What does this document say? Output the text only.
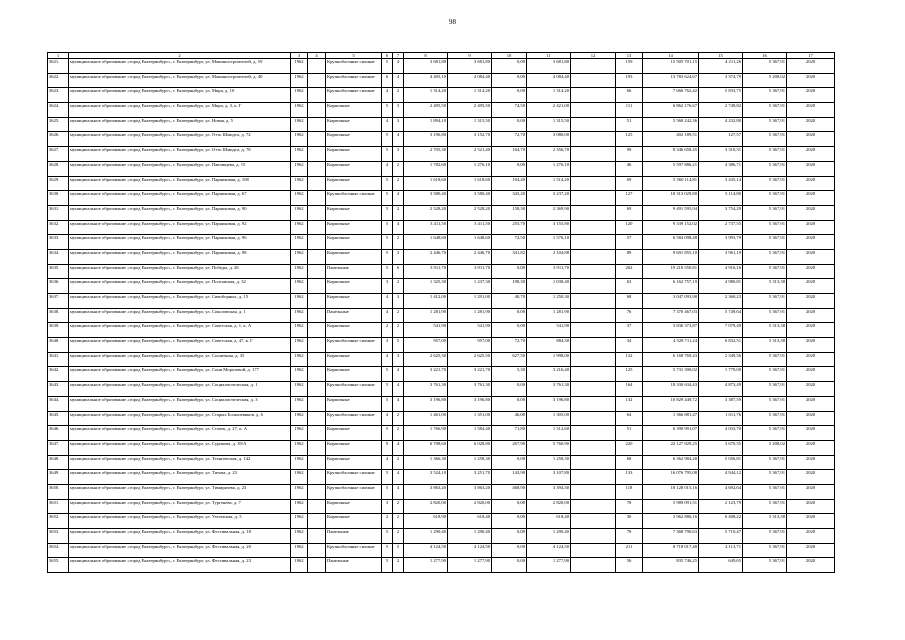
98
1	2	3	4	5	6	7	8	9	10	11	12	13	14	15	16	17
3621.	муниципальное образование «город Екатеринбург», г. Екатеринбург, ул. Машиностроителей, д. 59	1962		Крупноблочные силикат	5	4	3 681,80	3 681,80	0,00	3 681,80		159	15 505 701,15	4 211,26	5 367,91	2020
3622.	муниципальное образование «город Екатеринбург», г. Екатеринбург, ул. Машиностроителей, д. 40	1962		Крупноблочные силикат	6	4	4 405,10	4 084,40	0,00	4 084,40		193	13 783 624,67	3 374,79	5 208,02	2020
3623.	муниципальное образование «город Екатеринбург», г. Екатеринбург, ул. Мира, д. 10	1962		Крупноблочные силикат	4	2	1 314,20	1 314,20	0,00	1 314,20		66	7 666 762,42	5 833,75	5 367,91	2020
3624.	муниципальное образование «город Екатеринбург», г. Екатеринбург, ул. Мира, д. 3, к. Г	1962		Кирпичные	5	3	2 495,50	2 495,50	74,50	2 421,00		111	6 862 176,67	2 749,82	5 367,91	2020
3625.	муниципальное образование «город Екатеринбург», г. Екатеринбург, ул. Новая, д. 5	1962		Кирпичные	4	3	1 894,10	1 315,50	0,00	1 315,50		51	5 568 242,36	4 232,80	5 367,91	2020
3626.	муниципальное образование «город Екатеринбург», г. Екатеринбург, ул. Отто Шмидта, д. 72	1962		Кирпичные	5	4	3 196,80	3 152,70	72,70	3 080,00		125	402 189,51	127,57	5 367,91	2020
3627.	муниципальное образование «город Екатеринбург», г. Екатеринбург, ул. Отто Шмидта, д. 78	1962		Кирпичные	5	3	2 705,30	2 521,40	164,70	2 356,70		99	8 346 658,45	3 310,31	5 367,91	2020
3628.	муниципальное образование «город Екатеринбург», г. Екатеринбург, ул. Павлищева, д. 15	1962		Кирпичные	4	2	1 782,60	1 276,10	0,00	1 276,10		46	5 597 886,21	4 386,71	5 367,91	2020
3629.	муниципальное образование «город Екатеринбург», г. Екатеринбург, ул. Парниковая, д. 108	1962		Кирпичные	5	2	1 618,60	1 618,60	104,40	1 514,20		69	5 560 114,81	3 435,14	5 367,91	2020
3630.	муниципальное образование «город Екатеринбург», г. Екатеринбург, ул. Парниковая, д. 67	1962		Крупноблочные силикат	5	4	3 580,40	3 580,40	343,20	3 237,20		127	18 313 029,80	5 114,80	5 367,91	2020
3631.	муниципальное образование «город Екатеринбург», г. Екатеринбург, ул. Парниковая, д. 90	1962		Кирпичные	5	2	2 528,20	2 528,20	158,30	2 369,90		69	9 491 595,94	3 754,29	5 367,91	2020
3632.	муниципальное образование «город Екатеринбург», г. Екатеринбург, ул. Парниковая, д. 92	1962		Кирпичные	5	4	3 411,50	3 411,50	255,70	3 155,80		120	9 339 152,02	2 737,55	5 367,91	2020
3633.	муниципальное образование «город Екатеринбург», г. Екатеринбург, ул. Парниковая, д. 96	1962		Кирпичные	5	2	1 648,60	1 648,60	72,50	1 576,10		57	6 584 098,48	3 993,79	5 367,91	2020
3634.	муниципальное образование «город Екатеринбург», г. Екатеринбург, ул. Парниковая, д. 98	1962		Кирпичные	5	3	2 446,70	2 446,70	341,82	2 104,88		89	9 691 855,10	3 961,19	5 367,91	2020
3635.	муниципальное образование «город Екатеринбург», г. Екатеринбург, ул. Победы, д. 26	1962		Панельные	5	6	3 911,70	3 911,70	0,00	3 911,70		202	19 210 550,81	4 916,16	5 367,91	2020
3636.	муниципальное образование «город Екатеринбург», г. Екатеринбург, ул. Полтавская, д. 32	1962		Кирпичные	3	2	1 325,30	1 237,30	198,30	1 038,40		63	6 162 757,19	4 980,81	5 313,38	2020
3637.	муниципальное образование «город Екатеринбург», г. Екатеринбург, ул. Сивоборных, д. 15	1962		Кирпичные	4	3	1 412,00	1 291,00	40,70	1 250,30		68	3 047 093,98	2 360,23	5 367,91	2020
3638.	муниципальное образование «город Екатеринбург», г. Екатеринбург, ул. Соколовская, д. 1	1962		Панельные	4	2	1 281,90	1 281,90	0,00	1 281,90		76	7 370 467,03	5 749,64	5 367,91	2020
3639.	муниципальное образование «город Екатеринбург», г. Екатеринбург, ул. Советская, д. 1, к. А	1962		Кирпичные	2	2	541,90	541,90	0,00	541,90		37	3 836 373,87	7 079,49	5 313,38	2020
3640.	муниципальное образование «город Екатеринбург», г. Екатеринбург, ул. Советская, д. 47, к. Г	1962		Крупноблочные силикат	3	5	957,00	957,00	72,70	884,30		34	4 528 711,24	6 832,51	5 313,38	2020
3641.	муниципальное образование «город Екатеринбург», г. Екатеринбург, ул. Солнечная, д. 35	1962		Кирпичные	4	3	2 625,30	2 625,50	627,50	1 998,00		132	6 168 769,43	2 349,56	5 367,91	2020
3642.	муниципальное образование «город Екатеринбург», г. Екатеринбург, ул. Сони Морозовой, д. 177	1962		Кирпичные	5	4	3 221,70	3 221,70	5,30	3 216,40		125	5 731 390,02	1 779,00	5 367,91	2020
3643.	муниципальное образование «город Екатеринбург», г. Екатеринбург, ул. Социалистическая, д. 1	1962		Крупноблочные силикат	5	4	3 761,30	3 761,30	0,00	3 761,30		164	18 330 634,43	4 873,49	5 367,91	2020
3644.	муниципальное образование «город Екатеринбург», г. Екатеринбург, ул. Социалистическая, д. 3	1962		Кирпичные	5	4	3 196,80	3 196,80	0,00	3 196,80		132	10 829 449,72	3 387,59	5 367,91	2020
3645.	муниципальное образование «город Екатеринбург», г. Екатеринбург, ул. Старых Большевиков, д. 6	1962		Крупноблочные силикат	4	2	1 461,00	1 351,00	46,00	1 305,00		64	1 366 881,47	1 011,76	5 367,91	2020
3646.	муниципальное образование «город Екатеринбург», г. Екатеринбург, ул. Стачек, д. 27, к. А	1962		Кирпичные	5	2	1 766,90	1 584,40	71,80	1 512,60		51	6 390 991,07	4 033,70	5 367,91	2020
3647.	муниципальное образование «город Екатеринбург», г. Екатеринбург, ул. Сурикова, д. 39/А	1962		Кирпичные	9	4	6 708,60	6 028,80	267,90	5 760,90		220	22 127 829,25	3 670,35	5 208,02	2020
3648.	муниципальное образование «город Екатеринбург», г. Екатеринбург, ул. Техническая, д. 142	1962		Кирпичные	4	2	1 366,30	1 258,30	0,00	1 258,30		68	6 362 984,28	5 056,81	5 367,91	2020
3649.	муниципальное образование «город Екатеринбург», г. Екатеринбург, ул. Титова, д. 23	1962		Крупноблочные силикат	5	4	3 524,10	3 251,70	143,90	3 107,80		133	16 076 795,08	4 944,12	5 367,91	2020
3650.	муниципальное образование «город Екатеринбург», г. Екатеринбург, ул. Тимирязева, д. 23	1962		Крупноблочные силикат	5	4	3 863,20	3 863,20	468,90	3 394,30		118	18 128 015,16	4 692,64	5 367,91	2020
3651.	муниципальное образование «город Екатеринбург», г. Екатеринбург, ул. Тургенева, д. 7	1962		Кирпичные	3	2	2 820,00	2 820,00	0,00	2 820,00		78	5 989 091,51	2 123,79	5 367,91	2020
3652.	муниципальное образование «город Екатеринбург», г. Екатеринбург, ул. Ухтомская, д. 5	1962		Кирпичные	2	2	618,90	618,40	0,00	618,40		30	3 962 886,16	6 408,22	5 313,38	2020
3653.	муниципальное образование «город Екатеринбург», г. Екатеринбург, ул. Фестивальная, д. 18	1962		Панельные	5	2	1 290,40	1 290,40	0,00	1 290,40		78	7 368 790,63	5 710,47	5 367,91	2020
3654.	муниципальное образование «город Екатеринбург», г. Екатеринбург, ул. Фестивальная, д. 20	1962		Крупноблочные силикат	5	5	4 124,50	4 124,50	0,00	4 124,50		211	8 718 017,48	2 113,71	5 367,91	2020
3655.	муниципальное образование «город Екатеринбург», г. Екатеринбург, ул. Фестивальная, д. 23	1962		Панельные	5	2	1 277,90	1 277,90	0,00	1 277,90		56	835 746,25	649,65	5 367,91	2020
